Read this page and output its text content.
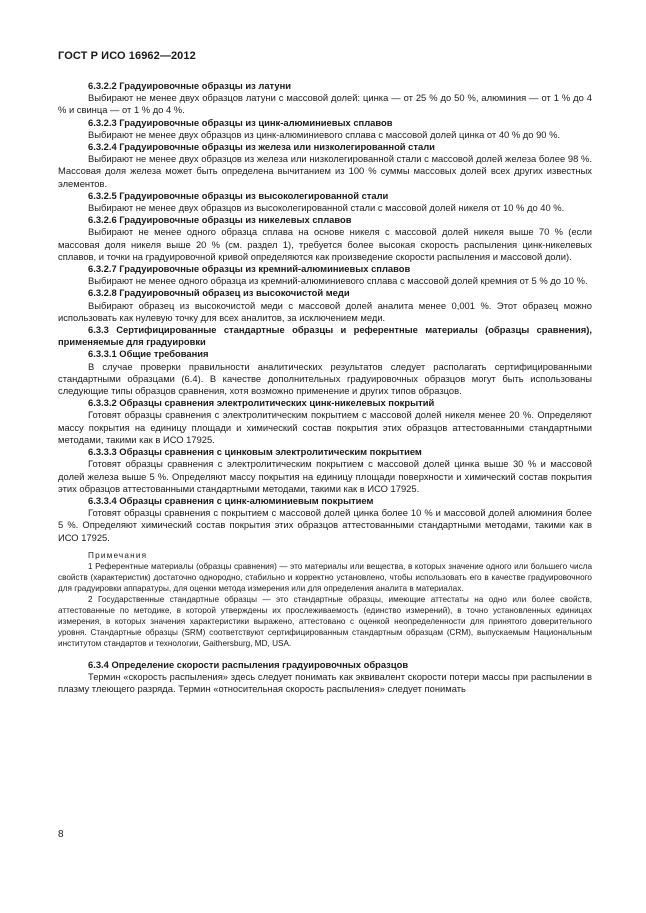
ГОСТ Р ИСО 16962—2012

6.3.2.2 Градуировочные образцы из латуни

Выбирают не менее двух образцов латуни с массовой долей: цинка — от 25 % до 50 %, алюминия — от 1 % до 4 % и свинца — от 1 % до 4 %.

6.3.2.3 Градуировочные образцы из цинк-алюминиевых сплавов

Выбирают не менее двух образцов из цинк-алюминиевого сплава с массовой долей цинка от 40 % до 90 %.

6.3.2.4 Градуировочные образцы из железа или низколегированной стали

Выбирают не менее двух образцов из железа или низколегированной стали с массовой долей железа более 98 %. Массовая доля железа может быть определена вычитанием из 100 % суммы массовых долей всех других известных элементов.

6.3.2.5 Градуировочные образцы из высоколегированной стали

Выбирают не менее двух образцов из высоколегированной стали с массовой долей никеля от 10 % до 40 %.

6.3.2.6 Градуировочные образцы из никелевых сплавов

Выбирают не менее одного образца сплава на основе никеля с массовой долей никеля выше 70 % (если массовая доля никеля выше 20 % (см. раздел 1), требуется более высокая скорость распыления цинк-никелевых сплавов, и точки на градуировочной кривой определяются как произведение скорости распыления и массовой доли).

6.3.2.7 Градуировочные образцы из кремний-алюминиевых сплавов

Выбирают не менее одного образца из кремний-алюминиевого сплава с массовой долей кремния от 5 % до 10 %.

6.3.2.8 Градуировочный образец из высокочистой меди

Выбирают образец из высокочистой меди с массовой долей аналита менее 0,001 %. Этот образец можно использовать как нулевую точку для всех аналитов, за исключением меди.

6.3.3 Сертифицированные стандартные образцы и референтные материалы (образцы сравнения), применяемые для градуировки

6.3.3.1 Общие требования

В случае проверки правильности аналитических результатов следует располагать сертифицированными стандартными образцами (6.4). В качестве дополнительных градуировочных образцов могут быть использованы следующие типы образцов сравнения, хотя возможно применение и других типов образцов.

6.3.3.2 Образцы сравнения электролитических цинк-никелевых покрытий

Готовят образцы сравнения с электролитическим покрытием с массовой долей никеля менее 20 %. Определяют массу покрытия на единицу площади и химический состав покрытия этих образцов аттестованными стандартными методами, такими как в ИСО 17925.

6.3.3.3 Образцы сравнения с цинковым электролитическим покрытием

Готовят образцы сравнения с электролитическим покрытием с массовой долей цинка выше 30 % и массовой долей железа выше 5 %. Определяют массу покрытия на единицу площади поверхности и химический состав покрытия этих образцов аттестованными стандартными методами, такими как в ИСО 17925.

6.3.3.4 Образцы сравнения с цинк-алюминиевым покрытием

Готовят образцы сравнения с покрытием с массовой долей цинка более 10 % и массовой долей алюминия более 5 %. Определяют химический состав покрытия этих образцов аттестованными стандартными методами, такими как в ИСО 17925.

Примечания

1 Референтные материалы (образцы сравнения) — это материалы или вещества, в которых значение одного или большего числа свойств (характеристик) достаточно однородно, стабильно и корректно установлено, чтобы использовать его в качестве градуировочного для градуировки аппаратуры, для оценки метода измерения или для определения аналита в материалах.

2 Государственные стандартные образцы — это стандартные образцы, имеющие аттестаты на одно или более свойств, аттестованные по методике, в которой утверждены их прослеживаемость (единство измерений), в точно установленных единицах измерения, в которых значения характеристики выражено, аттестовано с оценкой неопределенности для принятого доверительного уровня. Стандартные образцы (SRM) соответствуют сертифицированным стандартным образцам (CRM), выпускаемым Национальным институтом стандартов и технологии, Gaithersburg, MD, USA.

6.3.4 Определение скорости распыления градуировочных образцов

Термин «скорость распыления» здесь следует понимать как эквивалент скорости потери массы при распылении в плазму тлеющего разряда. Термин «относительная скорость распыления» следует понимать

8
